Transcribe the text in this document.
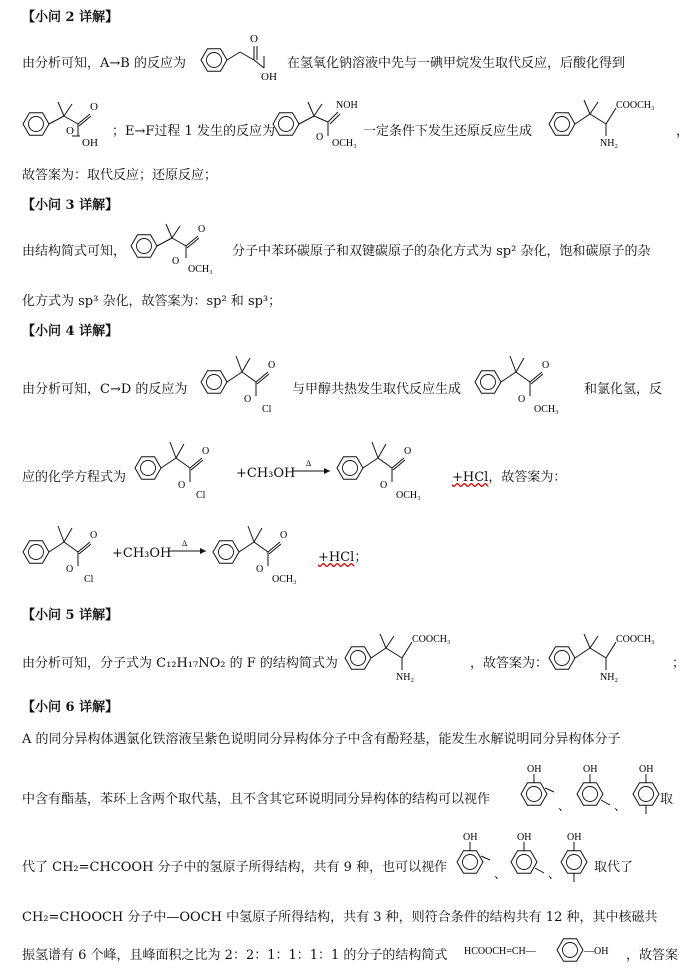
【小问 2 详解】
由分析可知，A→B 的反应为
O
OH
在氢氧化钠溶液中先与一碘甲烷发生取代反应，后酸化得到
O
O
OH
；E→F过程 1 发生的反应为
NOH
O
OCH₃
一定条件下发生还原反应生成
COOCH₃
NH₂
，
故答案为：取代反应；还原反应；
【小问 3 详解】
由结构简式可知，
O
O
OCH₃
分子中苯环碳原子和双键碳原子的杂化方式为 sp² 杂化，饱和碳原子的杂
化方式为 sp³ 杂化，故答案为：sp² 和 sp³；
【小问 4 详解】
由分析可知，C→D 的反应为
O
O
Cl
与甲醇共热发生取代反应生成
O
O
OCH₃
和氯化氢，反
应的化学方程式为
O
O
Cl
+CH₃OH
Δ
O
O
OCH₃
+HCl，故答案为：
O
O
Cl
+CH₃OH
Δ
O
O
OCH₃
+HCl；
【小问 5 详解】
由分析可知，分子式为 C₁₂H₁₇NO₂ 的 F 的结构简式为
COOCH₃
NH₂
，故答案为：
COOCH₃
NH₂
；
【小问 6 详解】
A 的同分异构体遇氯化铁溶液呈紫色说明同分异构体分子中含有酚羟基，能发生水解说明同分异构体分子
中含有酯基，苯环上含两个取代基，且不含其它环说明同分异构体的结构可以视作
OH
、
OH
、
OH
取
代了 CH₂=CHCOOH 分子中的氢原子所得结构，共有 9 种，也可以视作
OH
、
OH
、
OH
取代了
CH₂=CHOOCH 分子中—OOCH 中氢原子所得结构，共有 3 种，则符合条件的结构共有 12 种，其中核磁共
振氢谱有 6 个峰，且峰面积之比为 2：2：1：1：1：1 的分子的结构简式 HCOOCH=CH—	—OH ，故答案
